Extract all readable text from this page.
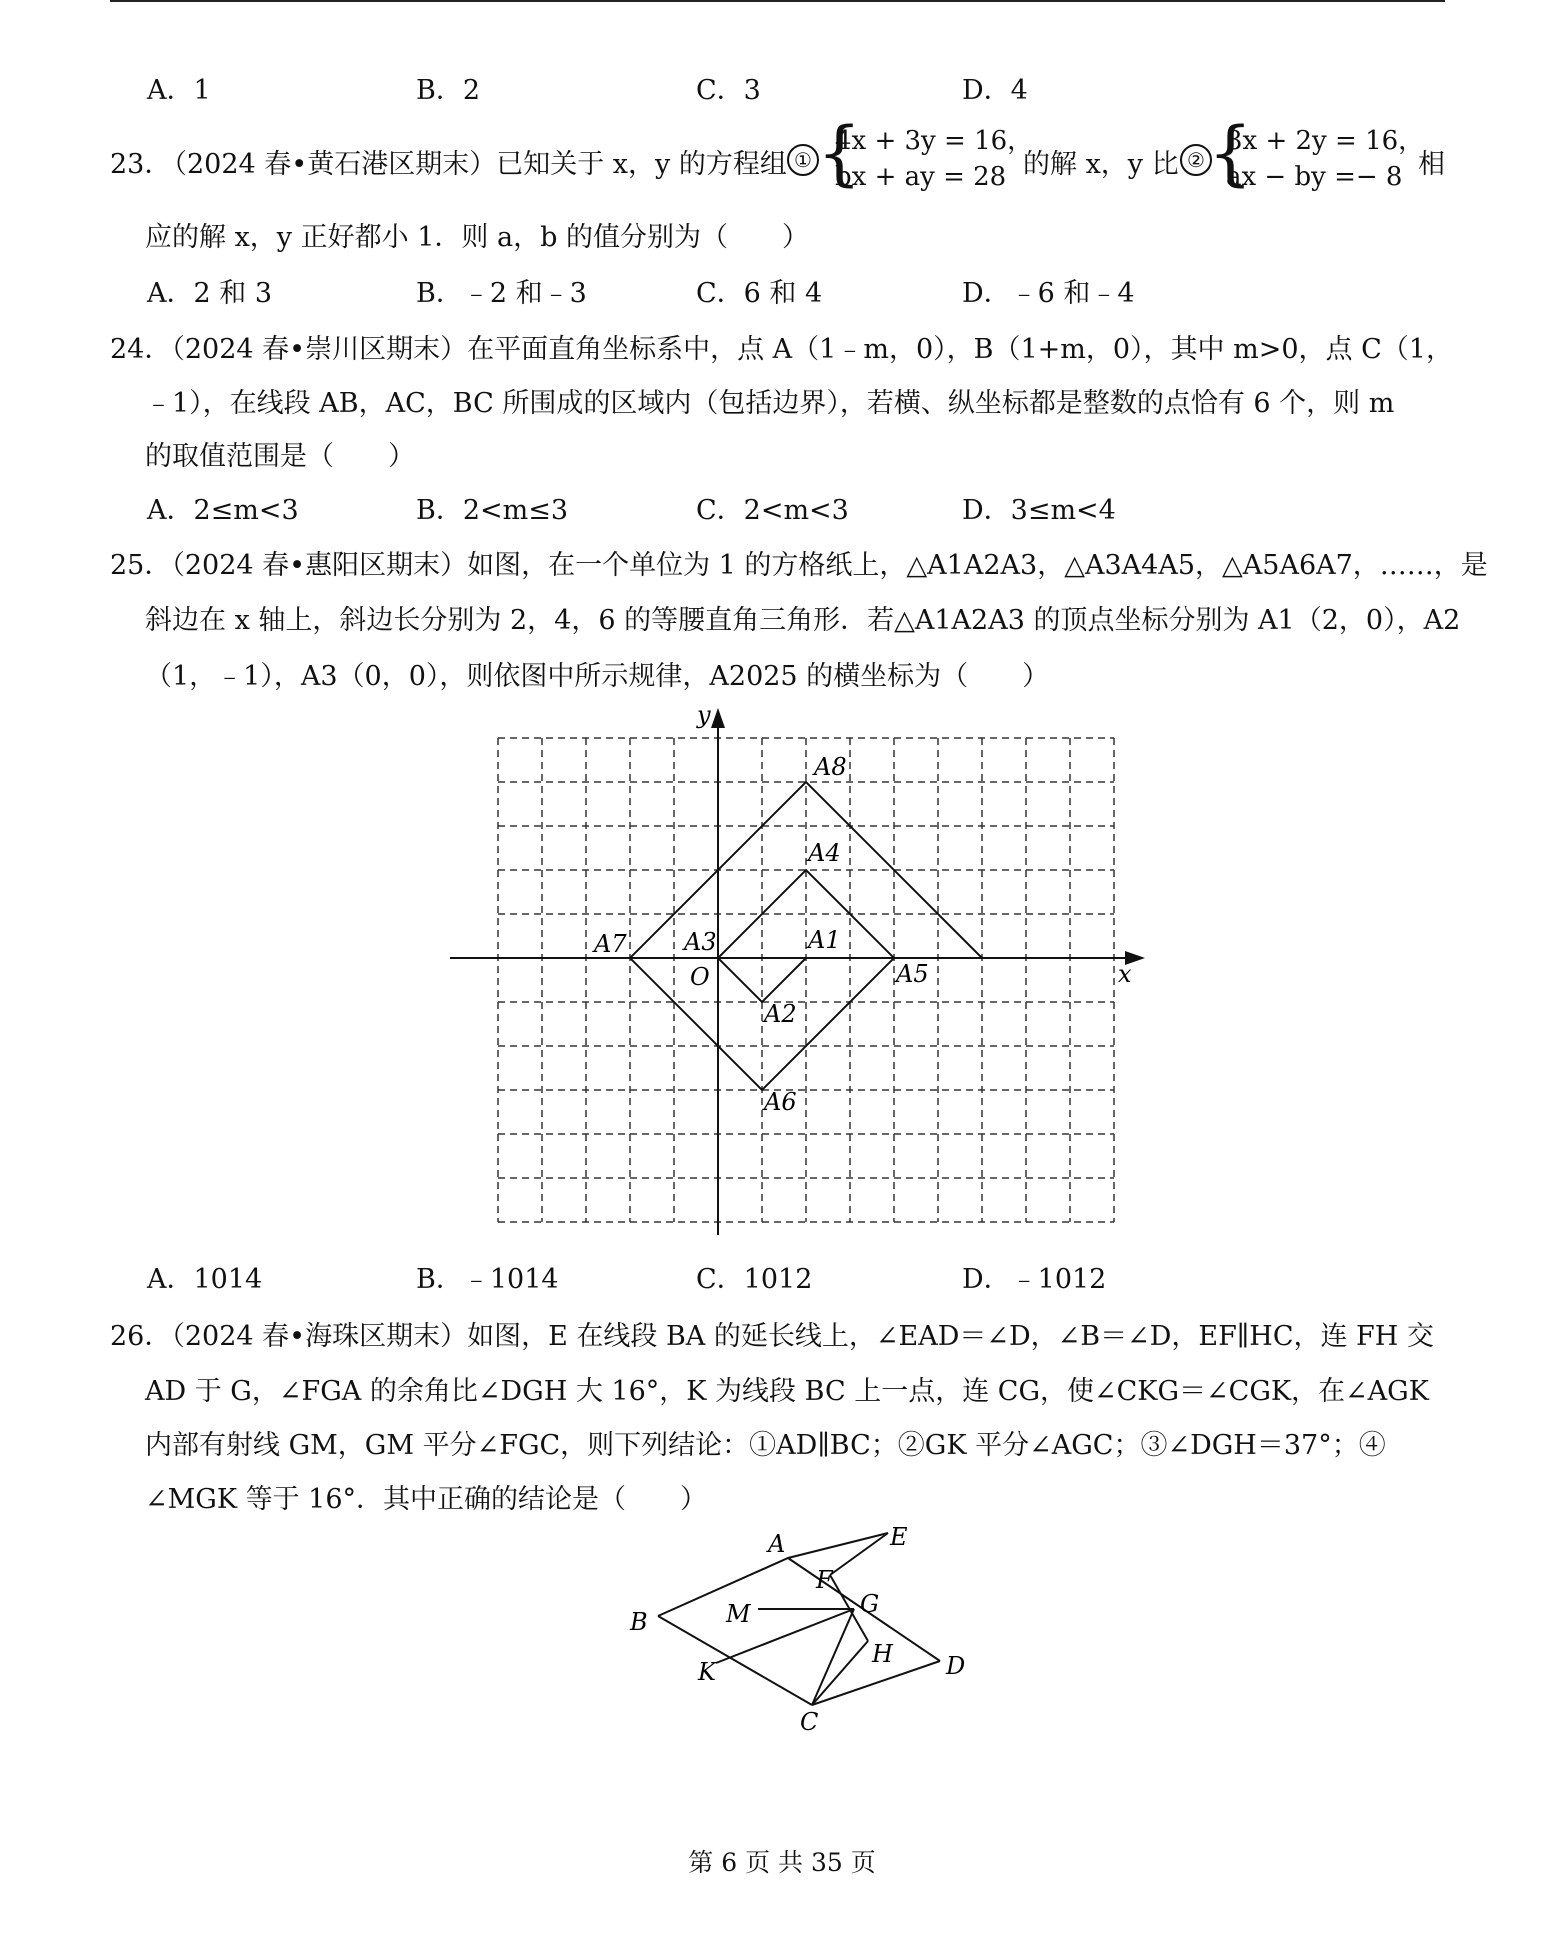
A．1	B．2	C．3	D．4
23．
（2024 春•黄石港区期末）已知关于 x，y 的方程组 ① {
4x + 3y = 16，
bx + ay = 28 的解 x，y 比 ② {
3x + 2y = 16，
ax − by =− 8 相
应的解 x，y 正好都小 1．则 a，b 的值分别为（　　）
A．2 和 3	B．﹣2 和﹣3	C．6 和 4	D．﹣6 和﹣4
24．（2024 春•崇川区期末）在平面直角坐标系中，点 A（1﹣m，0），B（1+m，0），其中 m>0，点 C（1，
﹣1），在线段 AB，AC，BC 所围成的区域内（包括边界），若横、纵坐标都是整数的点恰有 6 个，则 m
的取值范围是（　　）
A．2≤m<3	B．2<m≤3	C．2<m<3	D．3≤m<4
25．（2024 春•惠阳区期末）如图，在一个单位为 1 的方格纸上，△A1A2A3，△A3A4A5，△A5A6A7，……，是
斜边在 x 轴上，斜边长分别为 2，4，6 的等腰直角三角形．若△A1A2A3 的顶点坐标分别为 A1（2，0），A2
（1，﹣1），A3（0，0），则依图中所示规律，A2025 的横坐标为（　　）
x
y
O
A1
A2
A3
A4
A5
A6
A7
A8
A．1014	B．﹣1014	C．1012	D．﹣1012
26．（2024 春•海珠区期末）如图，E 在线段 BA 的延长线上，∠EAD＝∠D，∠B＝∠D，EF∥HC，连 FH 交
AD 于 G，∠FGA 的余角比∠DGH 大 16°，K 为线段 BC 上一点，连 CG，使∠CKG＝∠CGK，在∠AGK
内部有射线 GM，GM 平分∠FGC，则下列结论：①AD∥BC；②GK 平分∠AGC；③∠DGH＝37°；④
∠MGK 等于 16°．其中正确的结论是（　　）
A
B
C
D
E
F
G
H
K
M
第 6 页 共 35 页
